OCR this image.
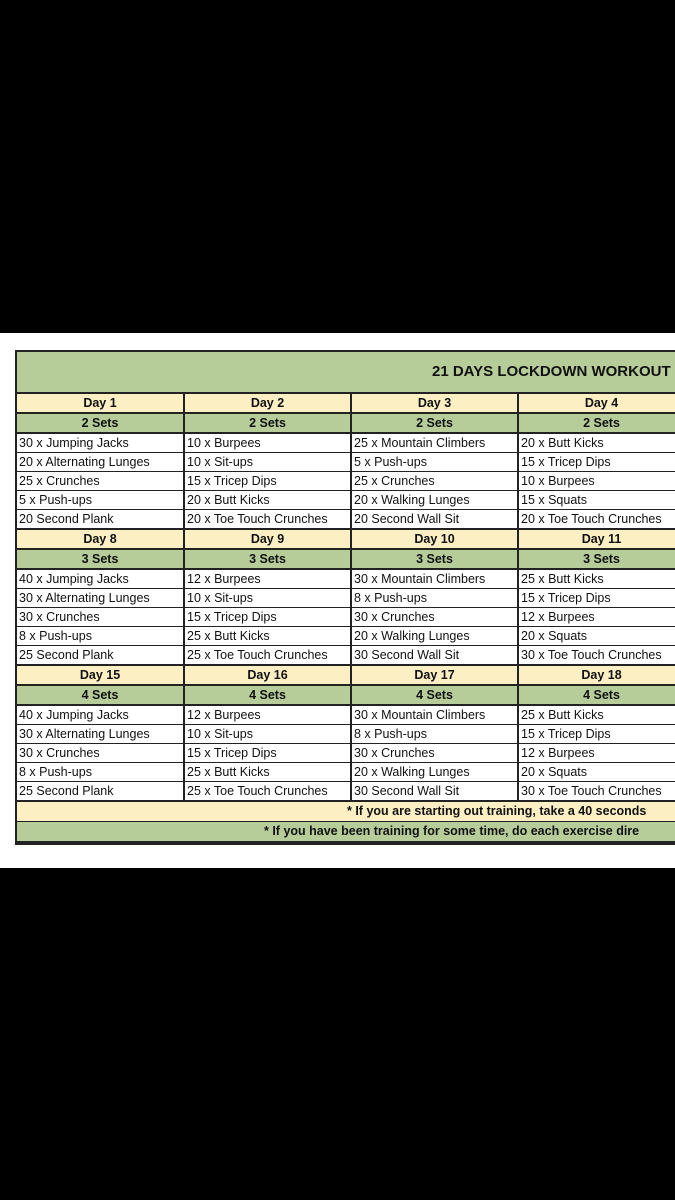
21 DAYS LOCKDOWN WORKOUT
Day 1	Day 2	Day 3	Day 4
2 Sets	2 Sets	2 Sets	2 Sets
30 x Jumping Jacks	10 x Burpees	25 x Mountain Climbers	20 x Butt Kicks
20 x Alternating Lunges	10 x Sit-ups	5 x Push-ups	15 x Tricep Dips
25 x Crunches	15 x Tricep Dips	25 x Crunches	10 x Burpees
5 x Push-ups	20 x Butt Kicks	20 x Walking Lunges	15 x Squats
20 Second Plank	20 x Toe Touch Crunches	20 Second Wall Sit	20 x Toe Touch Crunches
Day 8	Day 9	Day 10	Day 11
3 Sets	3 Sets	3 Sets	3 Sets
40 x Jumping Jacks	12 x Burpees	30 x Mountain Climbers	25 x Butt Kicks
30 x Alternating Lunges	10 x Sit-ups	8 x Push-ups	15 x Tricep Dips
30 x Crunches	15 x Tricep Dips	30 x Crunches	12 x Burpees
8 x Push-ups	25 x Butt Kicks	20 x Walking Lunges	20 x Squats
25 Second Plank	25 x Toe Touch Crunches	30 Second Wall Sit	30 x Toe Touch Crunches
Day 15	Day 16	Day 17	Day 18
4 Sets	4 Sets	4 Sets	4 Sets
40 x Jumping Jacks	12 x Burpees	30 x Mountain Climbers	25 x Butt Kicks
30 x Alternating Lunges	10 x Sit-ups	8 x Push-ups	15 x Tricep Dips
30 x Crunches	15 x Tricep Dips	30 x Crunches	12 x Burpees
8 x Push-ups	25 x Butt Kicks	20 x Walking Lunges	20 x Squats
25 Second Plank	25 x Toe Touch Crunches	30 Second Wall Sit	30 x Toe Touch Crunches
* If you are starting out training, take a 40 seconds
* If you have been training for some time, do each exercise dire
